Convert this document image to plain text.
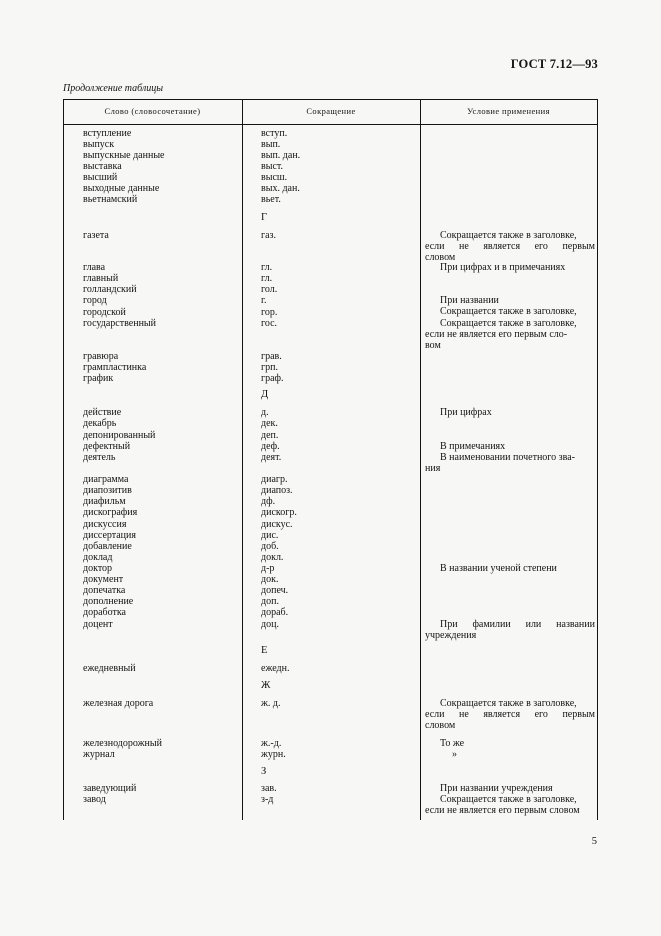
ГОСТ 7.12—93
Продолжение таблицы
Слово (словосочетание)	Сокращение	Условие применения
вступление
выпуск
выпускные данные
выставка
высший
выходные данные
вьетнамский
газета
глава
главный
голландский
город
городской
государственный
гравюра
грампластинка
график
действие
декабрь
депонированный
дефектный
деятель
диаграмма
диапозитив
диафильм
дискография
дискуссия
диссертация
добавление
доклад
доктор
документ
допечатка
дополнение
доработка
доцент
ежедневный
железная дорога
железнодорожный
журнал
заведующий
завод
вступ.
вып.
вып. дан.
выст.
высш.
вых. дан.
вьет.
газ.
гл.
гл.
гол.
г.
гор.
гос.
грав.
грп.
граф.
д.
дек.
деп.
деф.
деят.
диагр.
диапоз.
дф.
дискогр.
дискус.
дис.
доб.
докл.
д-р
док.
допеч.
доп.
дораб.
доц.
ежедн.
ж. д.
ж.-д.
журн.
зав.
з-д
Г
Д
Е
Ж
З
Сокращается также в заголовке,
если не является его первым
словом
При цифрах и в примечаниях
При названии
Сокращается также в заголовке,
Сокращается также в заголовке,
если не является его первым сло-
вом
При цифрах
В примечаниях
В наименовании почетного зва-
ния
В названии ученой степени
При фамилии или названии
учреждения
Сокращается также в заголовке,
если не является его первым
словом
То же
»
При названии учреждения
Сокращается также в заголовке,
если не является его первым словом
5
